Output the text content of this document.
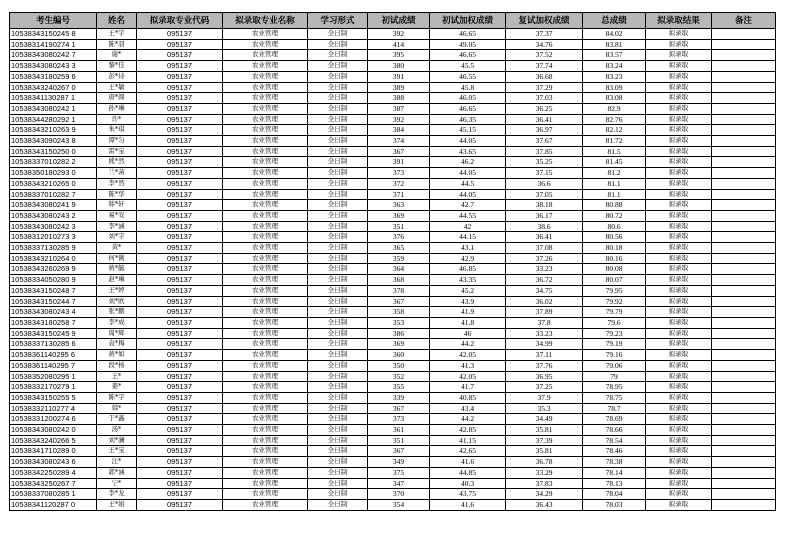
考生编号	姓名	拟录取专业代码	拟录取专业名称	学习形式	初试成绩	初试加权成绩	复试加权成绩	总成绩	拟录取结果	备注
10538343150245 8	王*宇	095137	农业管理	全日制	392	46.65	37.37	84.02	拟录取	
10538314190274 1	陈*羽	095137	农业管理	全日制	414	49.05	34.76	83.81	拟录取	
10538343080242 7	谢*	095137	农业管理	全日制	395	46.65	37.52	83.57	拟录取	
10538343080243 3	黎*佳	095137	农业管理	全日制	380	45.5	37.74	83.24	拟录取	
10538343180259 6	彭*诗	095137	农业管理	全日制	391	46.55	36.68	83.23	拟录取	
10538343240267 0	王*敏	095137	农业管理	全日制	389	45.8	37.29	83.09	拟录取	
10538341130287 1	唐*圆	095137	农业管理	全日制	388	46.05	37.03	83.08	拟录取	
10538343080242 1	孙*琳	095137	农业管理	全日制	387	46.65	36.25	82.9	拟录取	
10538344280292 1	许*	095137	农业管理	全日制	392	46.35	36.41	82.76	拟录取	
10538343210263 9	朱*琪	095137	农业管理	全日制	384	45.15	36.97	82.12	拟录取	
10538343090243 8	谭*匀	095137	农业管理	全日制	374	44.05	37.67	81.72	拟录取	
10538343150250 0	雷*宝	095137	农业管理	全日制	367	43.65	37.85	81.5	拟录取	
10538337010282 2	熊*然	095137	农业管理	全日制	391	46.2	35.25	81.45	拟录取	
10538350180293 0	兰*菡	095137	农业管理	全日制	373	44.05	37.15	81.2	拟录取	
10538343210265 0	李*然	095137	农业管理	全日制	372	44.5	36.6	81.1	拟录取	
10538337010282 7	陈*华	095137	农业管理	全日制	371	44.05	37.05	81.1	拟录取	
10538343080241 9	韩*轩	095137	农业管理	全日制	363	42.7	38.18	80.88	拟录取	
10538343080243 2	易*安	095137	农业管理	全日制	369	44.55	36.17	80.72	拟录取	
10538343080242 3	李*涵	095137	农业管理	全日制	351	42	38.6	80.6	拟录取	
10538312010273 3	刘*宇	095137	农业管理	全日制	376	44.15	36.41	80.56	拟录取	
10538337130285 9	黄*	095137	农业管理	全日制	365	43.1	37.08	80.18	拟录取	
10538343210264 0	何*俐	095137	农业管理	全日制	359	42.9	37.26	80.16	拟录取	
10538343260269 9	蒋*毓	095137	农业管理	全日制	364	46.85	33.23	80.08	拟录取	
10538334050280 9	赵*琳	095137	农业管理	全日制	368	43.35	36.72	80.07	拟录取	
10538343150248 7	王*婷	095137	农业管理	全日制	378	45.2	34.75	79.95	拟录取	
10538343150244 7	刘*欧	095137	农业管理	全日制	367	43.9	36.02	79.92	拟录取	
10538343080243 4	张*鹏	095137	农业管理	全日制	358	41.9	37.89	79.79	拟录取	
10538343180258 7	李*成	095137	农业管理	全日制	353	41.8	37.8	79.6	拟录取	
10538343150245 9	周*辉	095137	农业管理	全日制	386	46	33.23	79.23	拟录取	
10538337130285 6	袁*梅	095137	农业管理	全日制	369	44.2	34.99	79.19	拟录取	
10538361140295 6	蒋*如	095137	农业管理	全日制	360	42.05	37.11	79.16	拟录取	
10538361140295 7	段*杨	095137	农业管理	全日制	350	41.3	37.76	79.06	拟录取	
10538352080295 1	王*	095137	农业管理	全日制	352	42.05	36.95	79	拟录取	
10538332170279 1	姜*	095137	农业管理	全日制	355	41.7	37.25	78.95	拟录取	
10538343150255 5	陈*宇	095137	农业管理	全日制	339	40.85	37.9	78.75	拟录取	
10538332110277 4	韩*	095137	农业管理	全日制	367	43.4	35.3	78.7	拟录取	
10538331200274 6	于*鑫	095137	农业管理	全日制	373	44.2	34.49	78.69	拟录取	
10538343080242 0	汤*	095137	农业管理	全日制	361	42.85	35.81	78.66	拟录取	
10538343240266 5	刘*澜	095137	农业管理	全日制	351	41.15	37.39	78.54	拟录取	
10538341710289 0	王*宝	095137	农业管理	全日制	367	42.65	35.81	78.46	拟录取	
10538343080243 6	汪*	095137	农业管理	全日制	349	41.6	36.78	78.38	拟录取	
10538342250289 4	郭*涵	095137	农业管理	全日制	375	44.85	33.29	78.14	拟录取	
10538343250267 7	宁*	095137	农业管理	全日制	347	40.3	37.83	78.13	拟录取	
10538337080285 1	李*龙	095137	农业管理	全日制	370	43.75	34.29	78.04	拟录取	
10538341120287 0	王*娟	095137	农业管理	全日制	354	41.6	36.43	78.03	拟录取	
